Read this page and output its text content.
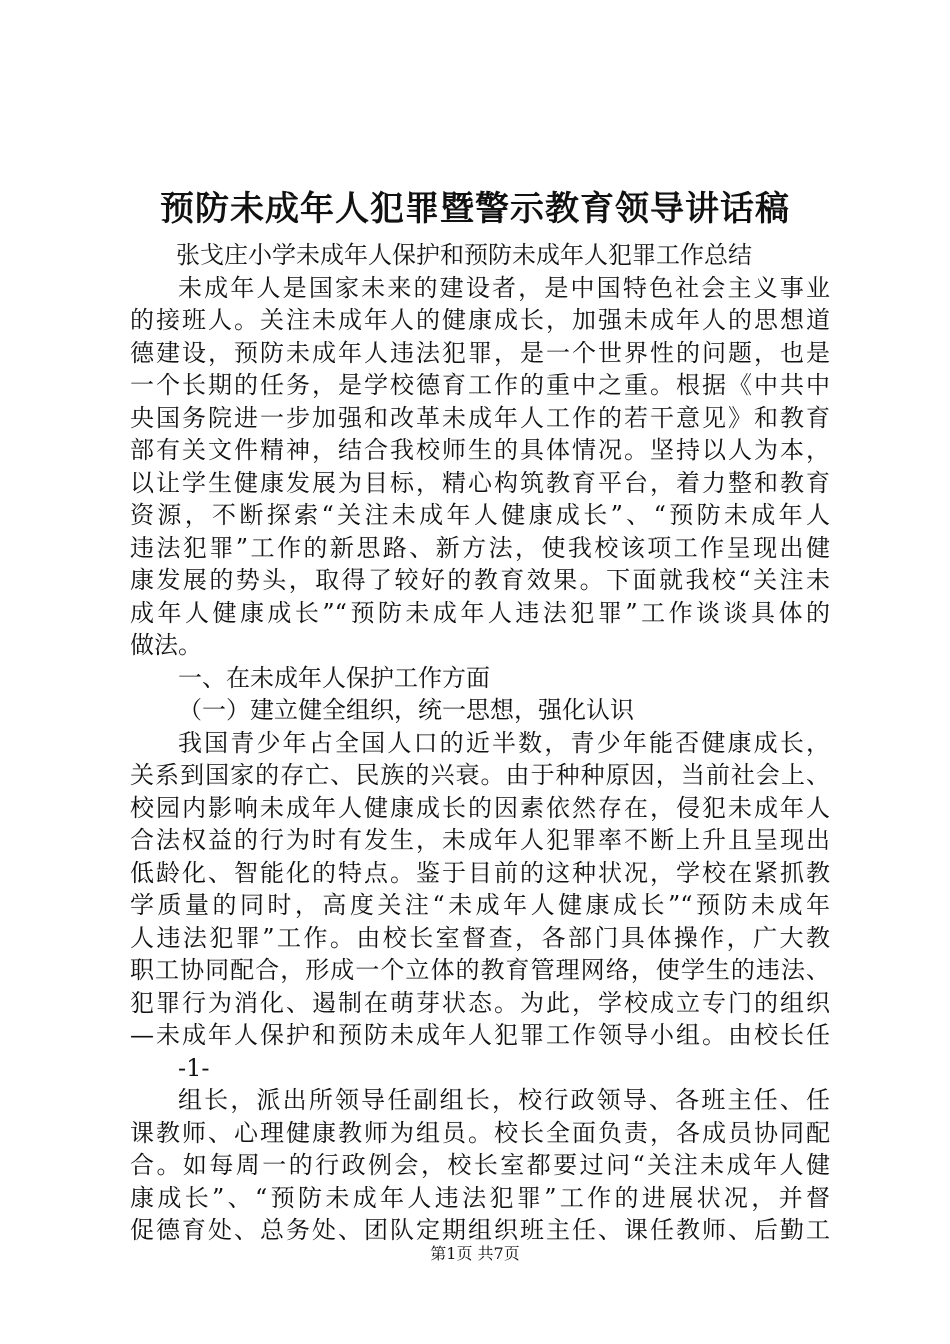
预防未成年人犯罪暨警示教育领导讲话稿
张戈庄小学未成年人保护和预防未成年人犯罪工作总结
未成年人是国家未来的建设者，是中国特色社会主义事业
的接班人。关注未成年人的健康成长，加强未成年人的思想道
德建设，预防未成年人违法犯罪，是一个世界性的问题，也是
一个长期的任务，是学校德育工作的重中之重。根据《中共中
央国务院进一步加强和改革未成年人工作的若干意见》和教育
部有关文件精神，结合我校师生的具体情况。坚持以人为本，
以让学生健康发展为目标，精心构筑教育平台，着力整和教育
资源，不断探索“关注未成年人健康成长”、“预防未成年人
违法犯罪”工作的新思路、新方法，使我校该项工作呈现出健
康发展的势头，取得了较好的教育效果。下面就我校“关注未
成年人健康成长”“预防未成年人违法犯罪”工作谈谈具体的
做法。
一、在未成年人保护工作方面
（一）建立健全组织，统一思想，强化认识
我国青少年占全国人口的近半数，青少年能否健康成长，
关系到国家的存亡、民族的兴衰。由于种种原因，当前社会上、
校园内影响未成年人健康成长的因素依然存在，侵犯未成年人
合法权益的行为时有发生，未成年人犯罪率不断上升且呈现出
低龄化、智能化的特点。鉴于目前的这种状况，学校在紧抓教
学质量的同时，高度关注“未成年人健康成长”“预防未成年
人违法犯罪”工作。由校长室督查，各部门具体操作，广大教
职工协同配合，形成一个立体的教育管理网络，使学生的违法、
犯罪行为消化、遏制在萌芽状态。为此，学校成立专门的组织
—未成年人保护和预防未成年人犯罪工作领导小组。由校长任
-1-
组长，派出所领导任副组长，校行政领导、各班主任、任
课教师、心理健康教师为组员。校长全面负责，各成员协同配
合。如每周一的行政例会，校长室都要过问“关注未成年人健
康成长”、“预防未成年人违法犯罪”工作的进展状况，并督
促德育处、总务处、团队定期组织班主任、课任教师、后勤工
第1页 共7页
